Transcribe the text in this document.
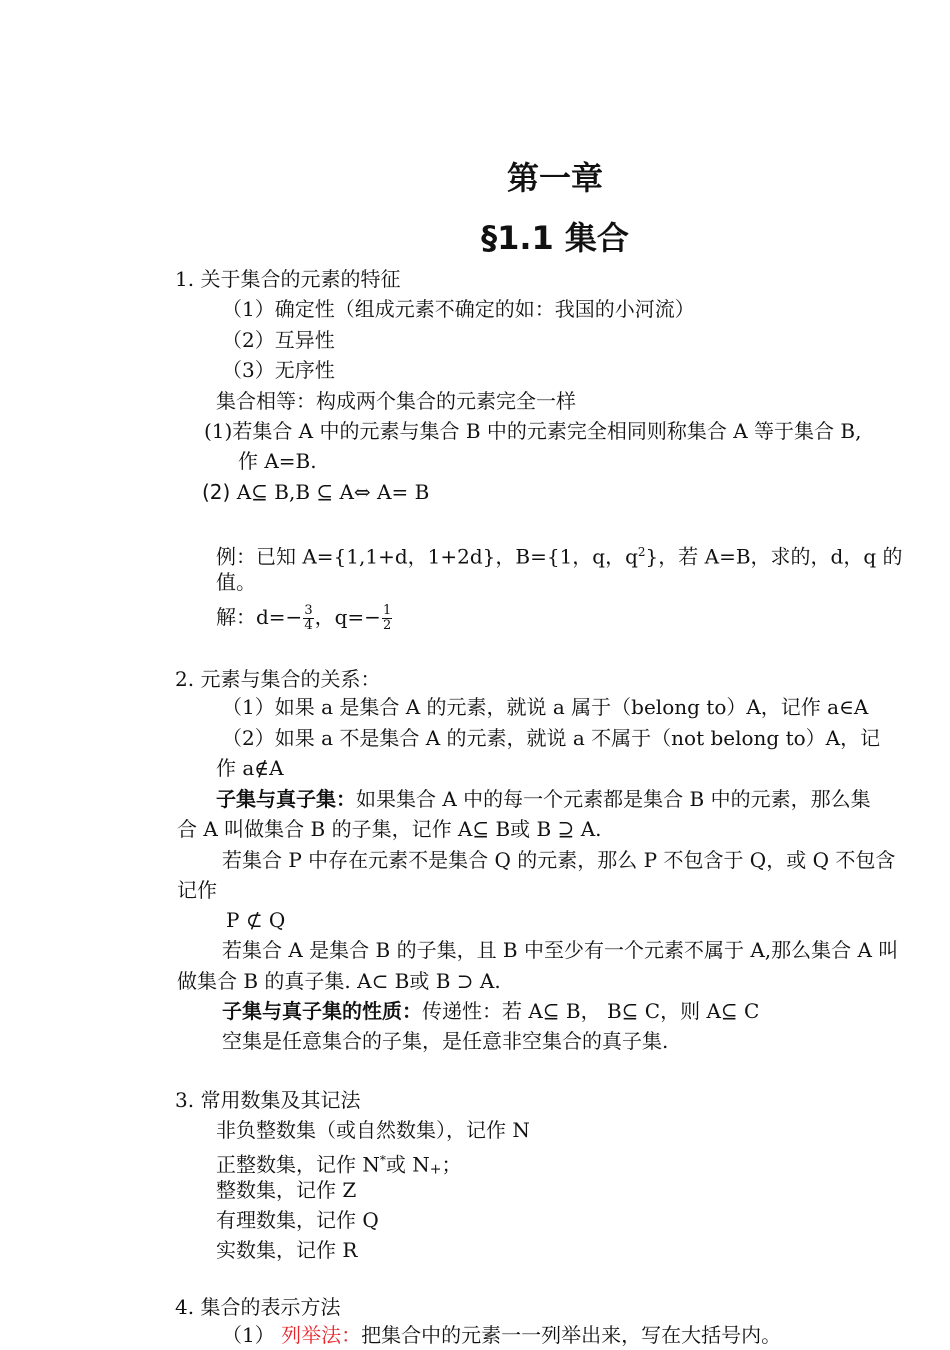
第一章
§1.1 集合
1. 关于集合的元素的特征
（1）确定性（组成元素不确定的如：我国的小河流）
（2）互异性
（3）无序性
集合相等：构成两个集合的元素完全一样
(1)若集合 A 中的元素与集合 B 中的元素完全相同则称集合 A 等于集合 B,
作 A=B.
(2) A⊆ B,B ⊆ A⇔ A= B
例：已知 A={1,1+d，1+2d}，B={1，q，$q^2$}，若 A=B，求的，d，q 的
值。
解：$d=- \frac{3}{4}$ ，$q=- \frac{1}{2}$
2. 元素与集合的关系：
（1）如果 a 是集合 A 的元素，就说 a 属于（belong to）A，记作 a∈A
（2）如果 a 不是集合 A 的元素，就说 a 不属于（not belong to）A，记
作 a∉A
子集与真子集：如果集合 A 中的每一个元素都是集合 B 中的元素，那么集
合 A 叫做集合 B 的子集，记作 A⊆ B或 B ⊇ A.
若集合 P 中存在元素不是集合 Q 的元素，那么 P 不包含于 Q，或 Q 不包含
记作
P ⊄ Q
若集合 A 是集合 B 的子集，且 B 中至少有一个元素不属于 A,那么集合 A 叫
做集合 B 的真子集. A⊂ B或 B ⊃ A.
子集与真子集的性质：传递性：若 A⊆ B， B⊆ C，则 A⊆ C
空集是任意集合的子集，是任意非空集合的真子集.
3. 常用数集及其记法
非负整数集（或自然数集），记作 N
正整数集，记作 N*或 N+；
整数集，记作 Z
有理数集，记作 Q
实数集，记作 R
4. 集合的表示方法
（1） 列举法：把集合中的元素一一列举出来，写在大括号内。
